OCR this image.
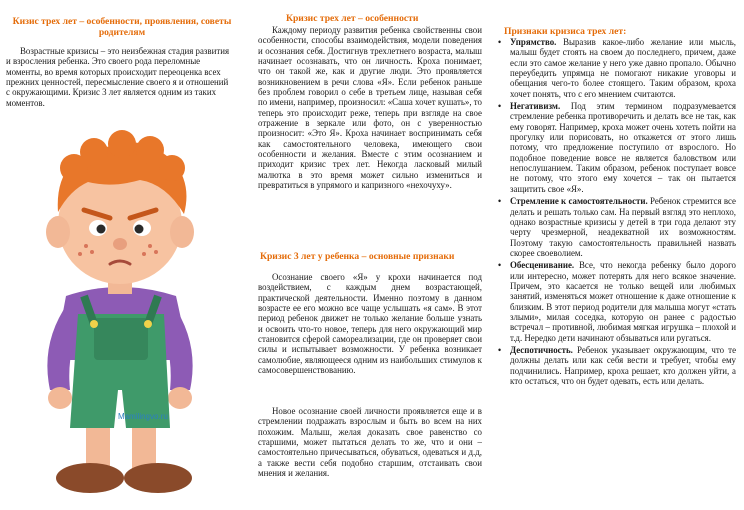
Кизис трех лет – особенности, проявления, советы родителям

Возрастные кризисы – это неизбежная стадия развития и взросления ребенка. Это своего рода переломные моменты, во время которых происходит переоценка всех прежних ценностей, пересмысление своего я и отношений с окружающими. Кризис 3 лет является одним из таких моментов.

Mamilingvo.ru
Кризис трех лет – особенности

Каждому периоду развития ребенка свойственны свои особенности, способы взаимодействия, модели поведения и осознания себя. Достигнув трехлетнего возраста, малыш начинает осознавать, что он личность. Кроха понимает, что он такой же, как и другие люди. Это проявляется возникновением в речи слова «Я». Если ребенок раньше без проблем говорил о себе в третьем лице, называя себя по имени, например, произносил: «Саша хочет кушать», то теперь это происходит реже, теперь при взгляде на свое отражение в зеркале или фото, он с уверенностью произносит: «Это Я». Кроха начинает воспринимать себя как самостоятельного человека, имеющего свои особенности и желания. Вместе с этим осознанием и приходит кризис трех лет. Некогда ласковый милый малютка в это время может сильно измениться и превратиться в упрямого и капризного «нехочуху».

Кризис 3 лет у ребенка – основные признаки

Осознание своего «Я» у крохи начинается под воздействием, с каждым днем возрастающей, практической деятельности. Именно поэтому в данном возрасте ее его можно все чаще услышать «я сам». В этот период ребенок движет не только желание больше узнать и освоить что-то новое, теперь для него окружающий мир становится сферой самореализации, где он проверяет свои силы и испытывает возможности. У ребенка возникает самолюбие, являющееся одним из наибольших стимулов к самосовершенствованию.

Новое осознание своей личности проявляется еще и в стремлении подражать взрослым и быть во всем на них похожим. Малыш, желая доказать свое равенство со старшими, может пытаться делать то же, что и они – самостоятельно причесываться, обуваться, одеваться и д.д, а также вести себя подобно старшим, отстаивать свои мнения и желания.

Признаки кризиса трех лет:
• Упрямство. Выразив какое-либо желание или мысль, малыш будет стоять на своем до последнего, причем, даже если это самое желание у него уже давно пропало. Обычно переубедить упрямца не помогают никакие уговоры и обещания чего-то более стоящего. Таким образом, кроха хочет понять, что с его мнением считаются.
• Негативизм. Под этим термином подразумевается стремление ребенка противоречить и делать все не так, как ему говорят. Например, кроха может очень хотеть пойти на прогулку или порисовать, но откажется от этого лишь потому, что предложение поступило от взрослого. Но подобное поведение вовсе не является баловством или непослушанием. Таким образом, ребенок поступает вовсе не потому, что этого ему хочется – так он пытается защитить свое «Я».
• Стремление к самостоятельности. Ребенок стремится все делать и решать только сам. На первый взгляд это неплохо, однако возрастные кризисы у детей в три года делают эту черту чрезмерной, неадекватной их возможностям. Поэтому такую самостоятельность правильней назвать скорее своеволием.
• Обесценивание. Все, что некогда ребенку было дорого или интересно, может потерять для него всякое значение. Причем, это касается не только вещей или любимых занятий, изменяться может отношение к даже отношение к близким. В этот период родители для малыша могут «стать злыми», милая соседка, которую он ранее с радостью встречал – противной, любимая мягкая игрушка – плохой и т.д. Нередко дети начинают обзываться или ругаться.
• Деспотичность. Ребенок указывает окружающим, что те должны делать или как себя вести и требует, чтобы ему подчинились. Например, кроха решает, кто должен уйти, а кто остаться, что он будет одевать, есть или делать.
